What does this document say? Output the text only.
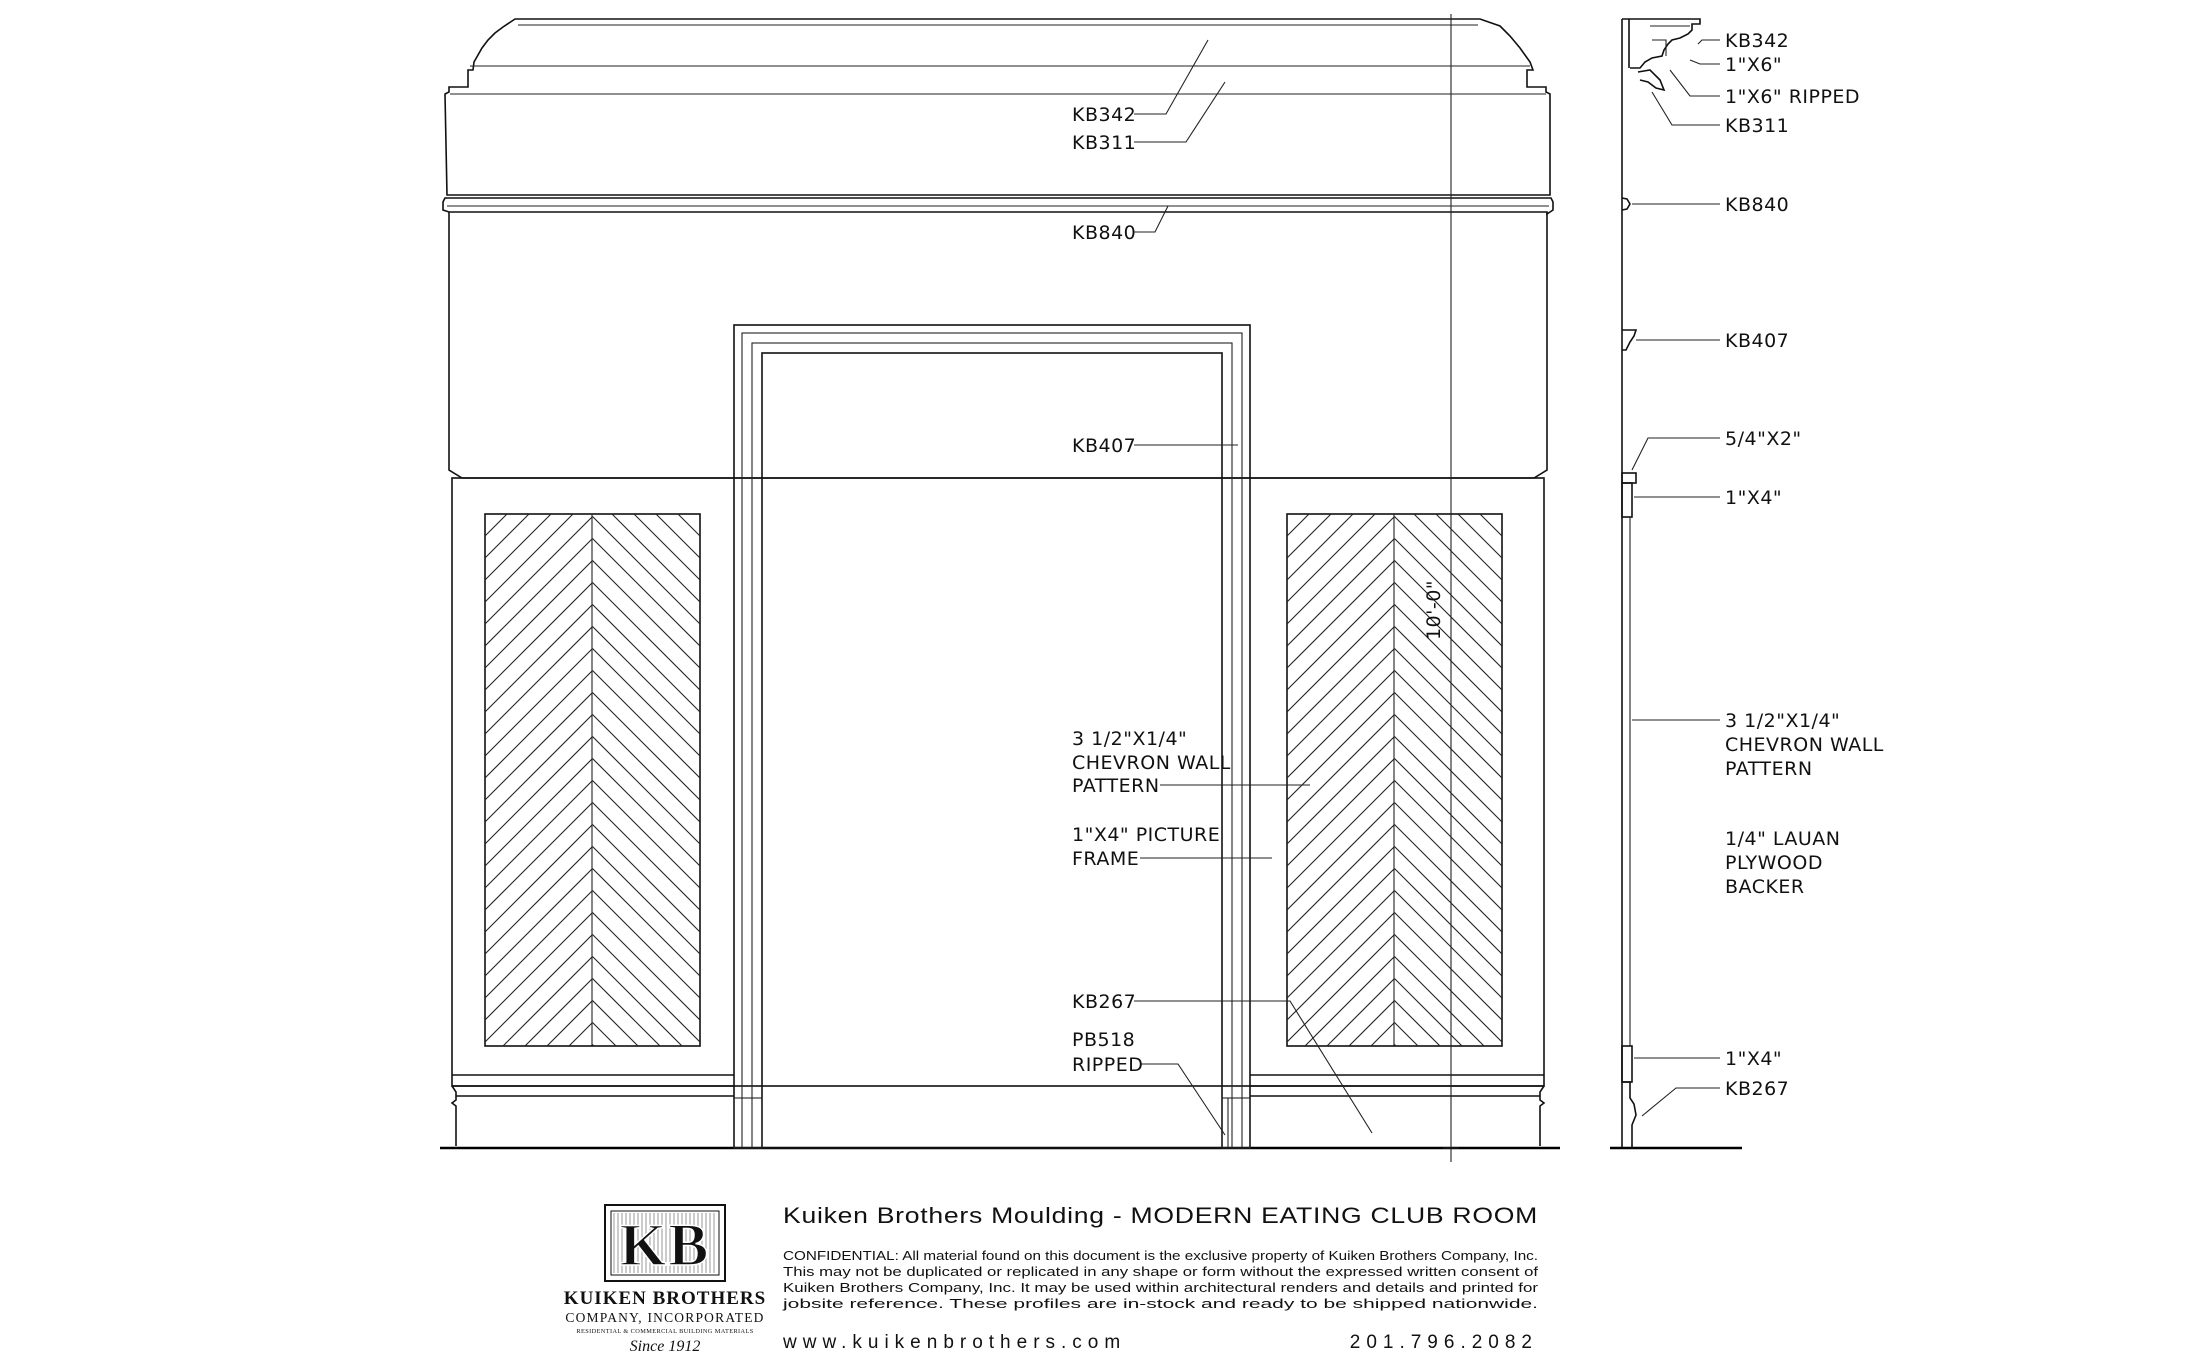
10'-0"
KB342
KB311
KB840
KB407
3 1/2"X1/4"
CHEVRON WALL
PATTERN
1"X4" PICTURE
FRAME
KB267
PB518
RIPPED
KB342
1"X6"
1"X6" RIPPED
KB311
KB840
KB407
5/4"X2"
1"X4"
3 1/2"X1/4"
CHEVRON WALL
PATTERN
1/4" LAUAN
PLYWOOD
BACKER
1"X4"
KB267
KB
KUIKEN BROTHERS
COMPANY, INCORPORATED
RESIDENTIAL & COMMERCIAL BUILDING MATERIALS
Since 1912
Kuiken Brothers Moulding - MODERN EATING CLUB ROOM
CONFIDENTIAL: All material found on this document is the exclusive property of Kuiken Brothers Company, Inc.
This may not be duplicated or replicated in any shape or form without the expressed written consent of
Kuiken Brothers Company, Inc. It may be used within architectural renders and details and printed for
jobsite reference. These profiles are in-stock and ready to be shipped nationwide.
www.kuikenbrothers.com	201.796.2082
